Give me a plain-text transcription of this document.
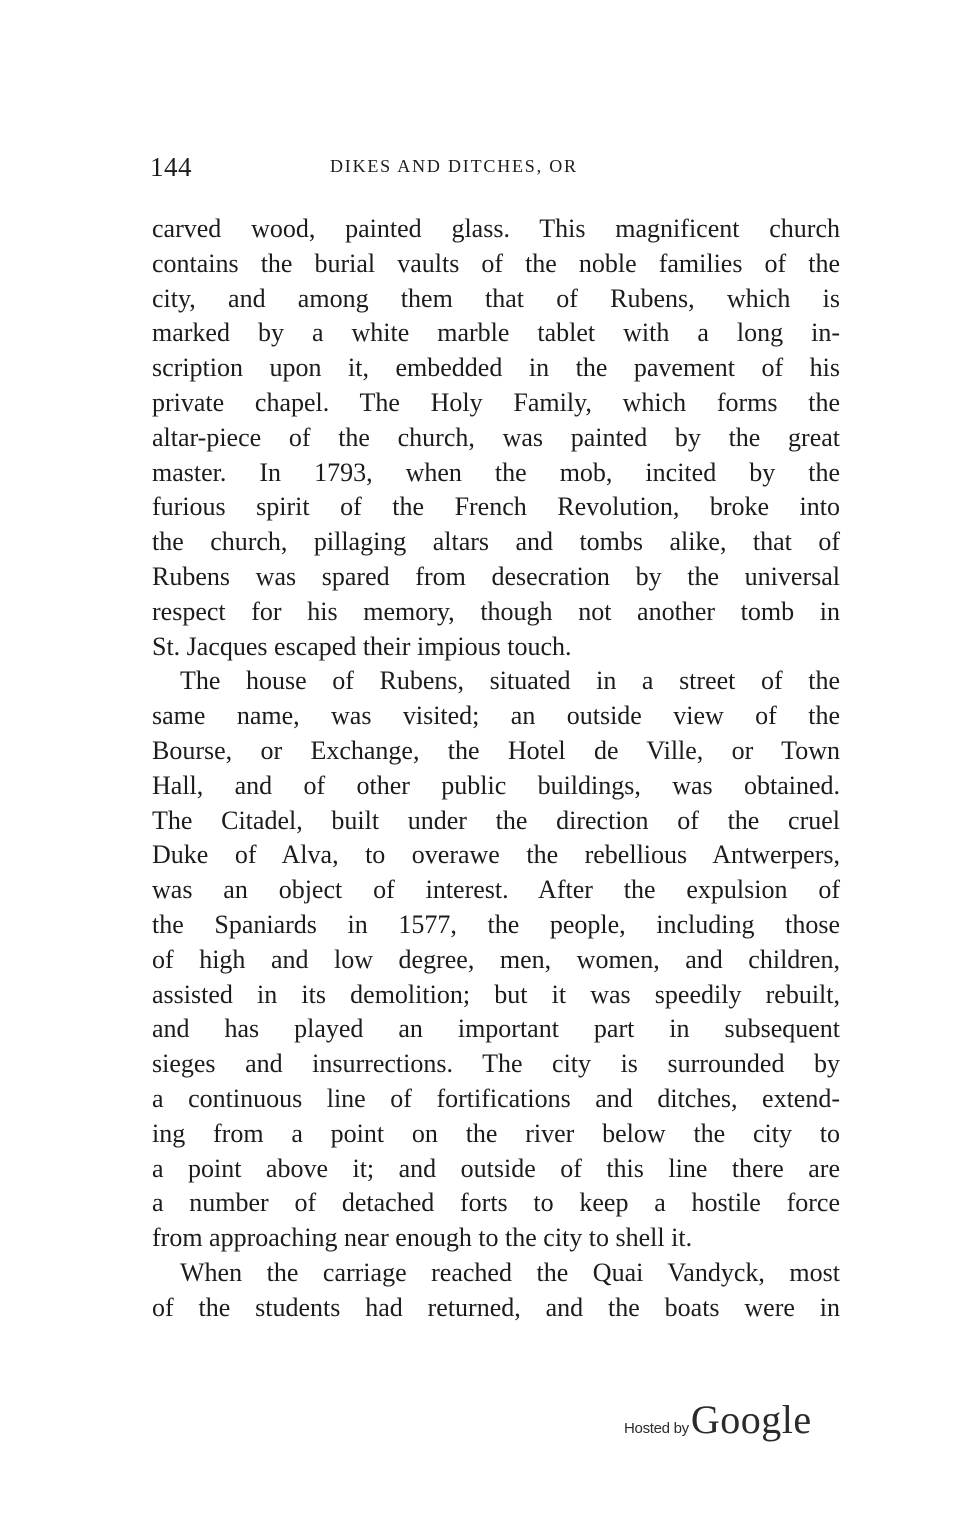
144	DIKES AND DITCHES, OR
carved wood, painted glass. This magnificent church
contains the burial vaults of the noble families of the
city, and among them that of Rubens, which is
marked by a white marble tablet with a long in-
scription upon it, embedded in the pavement of his
private chapel. The Holy Family, which forms the
altar-piece of the church, was painted by the great
master. In 1793, when the mob, incited by the
furious spirit of the French Revolution, broke into
the church, pillaging altars and tombs alike, that of
Rubens was spared from desecration by the universal
respect for his memory, though not another tomb in
St. Jacques escaped their impious touch.
The house of Rubens, situated in a street of the
same name, was visited; an outside view of the
Bourse, or Exchange, the Hotel de Ville, or Town
Hall, and of other public buildings, was obtained.
The Citadel, built under the direction of the cruel
Duke of Alva, to overawe the rebellious Antwerpers,
was an object of interest. After the expulsion of
the Spaniards in 1577, the people, including those
of high and low degree, men, women, and children,
assisted in its demolition; but it was speedily rebuilt,
and has played an important part in subsequent
sieges and insurrections. The city is surrounded by
a continuous line of fortifications and ditches, extend-
ing from a point on the river below the city to
a point above it; and outside of this line there are
a number of detached forts to keep a hostile force
from approaching near enough to the city to shell it.
When the carriage reached the Quai Vandyck, most
of the students had returned, and the boats were in
Hosted by Google
